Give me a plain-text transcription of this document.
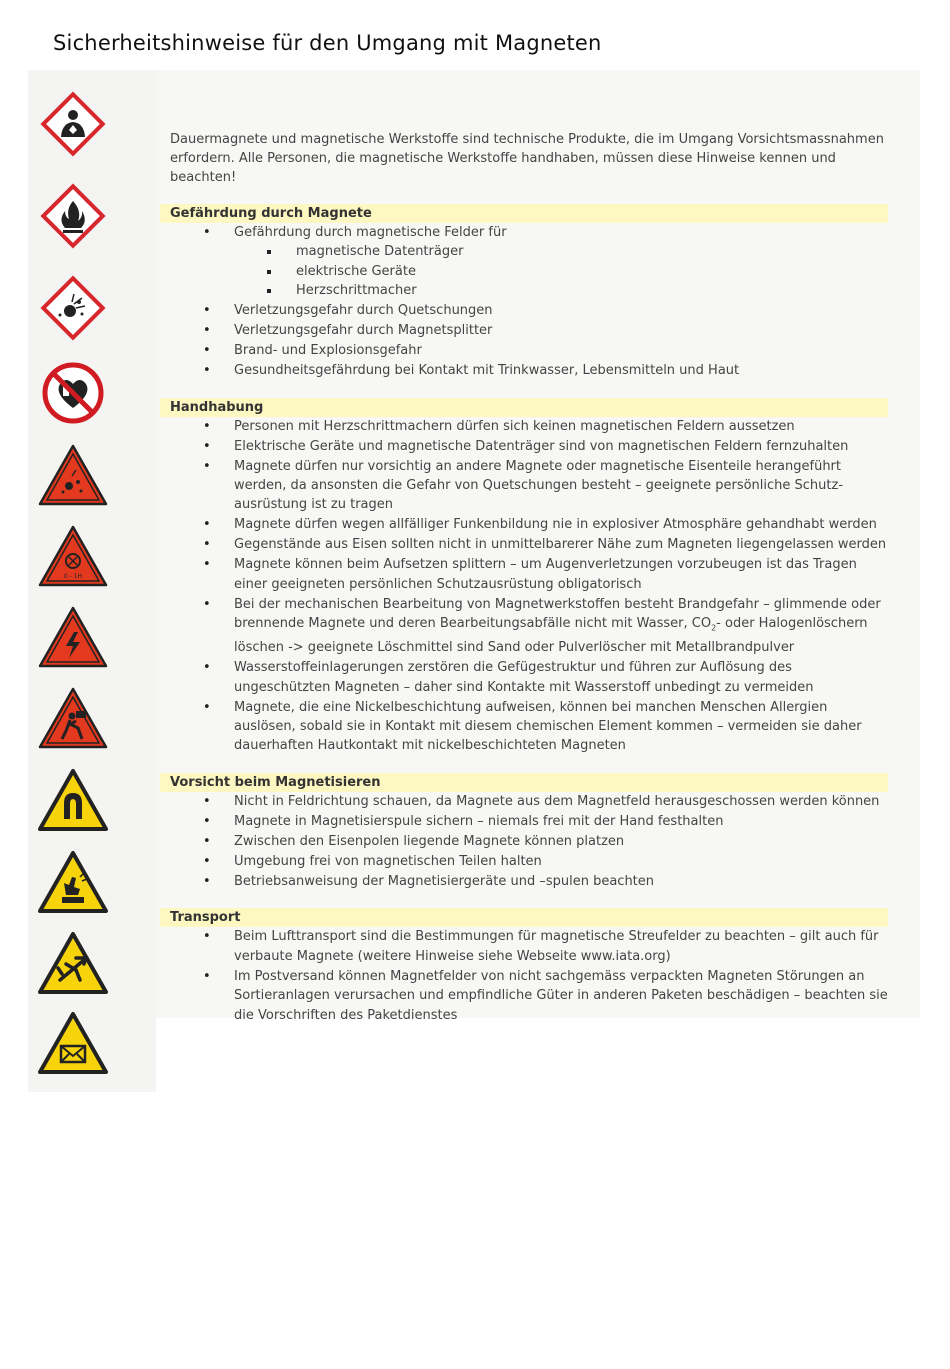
Sicherheitshinweise für den Umgang mit Magneten
0 - 1H

Dauermagnete und magnetische Werkstoffe sind technische Produkte, die im Umgang Vorsichtsmassnahmen erfordern. Alle Personen, die magnetische Werkstoffe handhaben, müssen diese Hinweise kennen und beachten!

Gefährdung durch Magnete
• Gefährdung durch magnetische Felder für
magnetische Datenträger
elektrische Geräte
Herzschrittmacher
• Verletzungsgefahr durch Quetschungen
• Verletzungsgefahr durch Magnetsplitter
• Brand- und Explosionsgefahr
• Gesundheitsgefährdung bei Kontakt mit Trinkwasser, Lebensmitteln und Haut
Handhabung
• Personen mit Herzschrittmachern dürfen sich keinen magnetischen Feldern aussetzen
• Elektrische Geräte und magnetische Datenträger sind von magnetischen Feldern fernzuhalten
• Magnete dürfen nur vorsichtig an andere Magnete oder magnetische Eisenteile herangeführt werden, da ansonsten die Gefahr von Quetschungen besteht – geeignete persönliche Schutz-ausrüstung ist zu tragen
• Magnete dürfen wegen allfälliger Funkenbildung nie in explosiver Atmosphäre gehandhabt werden
• Gegenstände aus Eisen sollten nicht in unmittelbarerer Nähe zum Magneten liegengelassen werden
• Magnete können beim Aufsetzen splittern – um Augenverletzungen vorzubeugen ist das Tragen einer geeigneten persönlichen Schutzausrüstung obligatorisch
• Bei der mechanischen Bearbeitung von Magnetwerkstoffen besteht Brandgefahr – glimmende oder brennende Magnete und deren Bearbeitungsabfälle nicht mit Wasser, $CO_2-$ oder Halogenlöschern löschen -> geeignete Löschmittel sind Sand oder Pulverlöscher mit Metallbrandpulver
• Wasserstoffeinlagerungen zerstören die Gefügestruktur und führen zur Auflösung des ungeschützten Magneten – daher sind Kontakte mit Wasserstoff unbedingt zu vermeiden
• Magnete, die eine Nickelbeschichtung aufweisen, können bei manchen Menschen Allergien auslösen, sobald sie in Kontakt mit diesem chemischen Element kommen – vermeiden sie daher dauerhaften Hautkontakt mit nickelbeschichteten Magneten
Vorsicht beim Magnetisieren
• Nicht in Feldrichtung schauen, da Magnete aus dem Magnetfeld herausgeschossen werden können
• Magnete in Magnetisierspule sichern – niemals frei mit der Hand festhalten
• Zwischen den Eisenpolen liegende Magnete können platzen
• Umgebung frei von magnetischen Teilen halten
• Betriebsanweisung der Magnetisiergeräte und –spulen beachten
Transport
• Beim Lufttransport sind die Bestimmungen für magnetische Streufelder zu beachten – gilt auch für verbaute Magnete (weitere Hinweise siehe Webseite www.iata.org)
• Im Postversand können Magnetfelder von nicht sachgemäss verpackten Magneten Störungen an Sortieranlagen verursachen und empfindliche Güter in anderen Paketen beschädigen – beachten sie die Vorschriften des Paketdienstes
